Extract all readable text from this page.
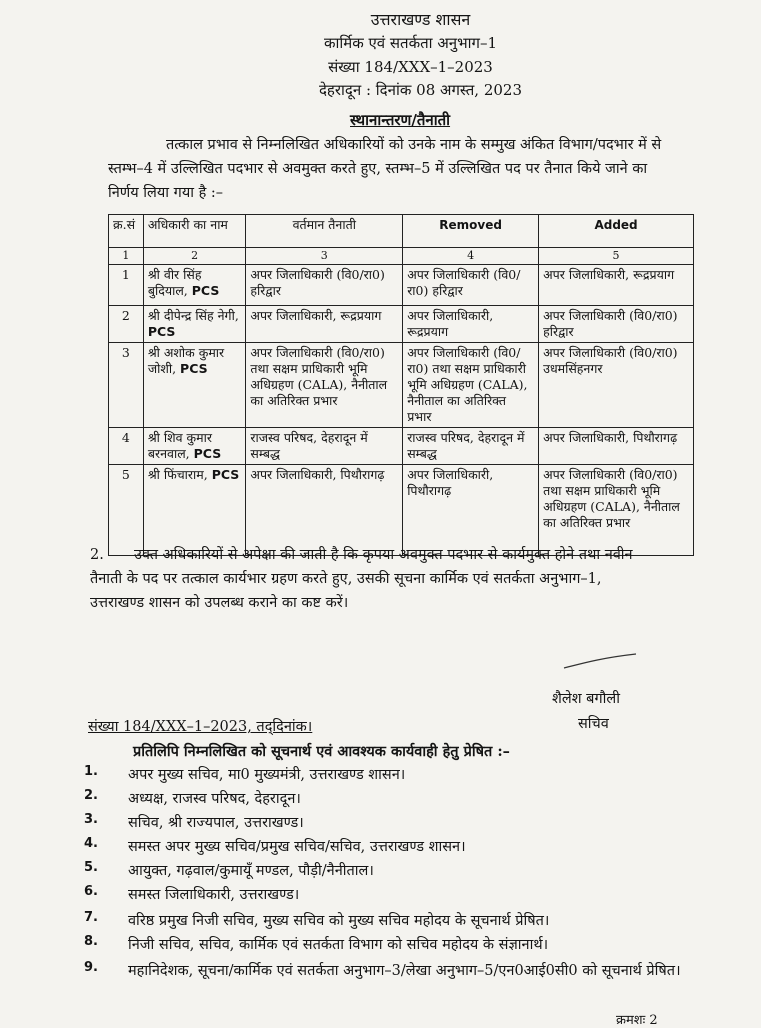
उत्तराखण्ड शासन
कार्मिक एवं सतर्कता अनुभाग–1
संख्या 184/XXX–1–2023
देहरादून : दिनांक 08 अगस्त, 2023
स्थानान्तरण/तैनाती
तत्काल प्रभाव से निम्नलिखित अधिकारियों को उनके नाम के सम्मुख अंकित विभाग/पदभार में से
स्तम्भ–4 में उल्लिखित पदभार से अवमुक्त करते हुए, स्तम्भ–5 में उल्लिखित पद पर तैनात किये जाने का
निर्णय लिया गया है :–
क्र.सं	अधिकारी का नाम	वर्तमान तैनाती	Removed	Added
1	2	3	4	5
1	श्री वीर सिंह बुदियाल, PCS	अपर जिलाधिकारी (वि0/रा0) हरिद्वार	अपर जिलाधिकारी (वि0/रा0) हरिद्वार	अपर जिलाधिकारी, रूद्रप्रयाग
2	श्री दीपेन्द्र सिंह नेगी, PCS	अपर जिलाधिकारी, रूद्रप्रयाग	अपर जिलाधिकारी, रूद्रप्रयाग	अपर जिलाधिकारी (वि0/रा0) हरिद्वार
3	श्री अशोक कुमार जोशी, PCS	अपर जिलाधिकारी (वि0/रा0) तथा सक्षम प्राधिकारी भूमि अधिग्रहण (CALA), नैनीताल का अतिरिक्त प्रभार	अपर जिलाधिकारी (वि0/रा0) तथा सक्षम प्राधिकारी भूमि अधिग्रहण (CALA), नैनीताल का अतिरिक्त प्रभार	अपर जिलाधिकारी (वि0/रा0) उधमसिंहनगर
4	श्री शिव कुमार बरनवाल, PCS	राजस्व परिषद, देहरादून में सम्बद्ध	राजस्व परिषद, देहरादून में सम्बद्ध	अपर जिलाधिकारी, पिथौरागढ़
5	श्री फिंचाराम, PCS	अपर जिलाधिकारी, पिथौरागढ़	अपर जिलाधिकारी, पिथौरागढ़	अपर जिलाधिकारी (वि0/रा0) तथा सक्षम प्राधिकारी भूमि अधिग्रहण (CALA), नैनीताल का अतिरिक्त प्रभार
2. उक्त अधिकारियों से अपेक्षा की जाती है कि कृपया अवमुक्त पदभार से कार्यमुक्त होने तथा नवीन
तैनाती के पद पर तत्काल कार्यभार ग्रहण करते हुए, उसकी सूचना कार्मिक एवं सतर्कता अनुभाग–1,
उत्तराखण्ड शासन को उपलब्ध कराने का कष्ट करें।
शैलेश बगौली
सचिव
संख्या 184/XXX–1–2023, तद्‌दिनांक।
प्रतिलिपि निम्नलिखित को सूचनार्थ एवं आवश्यक कार्यवाही हेतु प्रेषित :–
1. अपर मुख्य सचिव, मा0 मुख्यमंत्री, उत्तराखण्ड शासन।
2. अध्यक्ष, राजस्व परिषद, देहरादून।
3. सचिव, श्री राज्यपाल, उत्तराखण्ड।
4. समस्त अपर मुख्य सचिव/प्रमुख सचिव/सचिव, उत्तराखण्ड शासन।
5. आयुक्त, गढ़वाल/कुमायूँ मण्डल, पौड़ी/नैनीताल।
6. समस्त जिलाधिकारी, उत्तराखण्ड।
7. वरिष्ठ प्रमुख निजी सचिव, मुख्य सचिव को मुख्य सचिव महोदय के सूचनार्थ प्रेषित।
8. निजी सचिव, सचिव, कार्मिक एवं सतर्कता विभाग को सचिव महोदय के संज्ञानार्थ।
9. महानिदेशक, सूचना/कार्मिक एवं सतर्कता अनुभाग–3/लेखा अनुभाग–5/एन0आई0सी0 को सूचनार्थ प्रेषित।
क्रमशः 2
